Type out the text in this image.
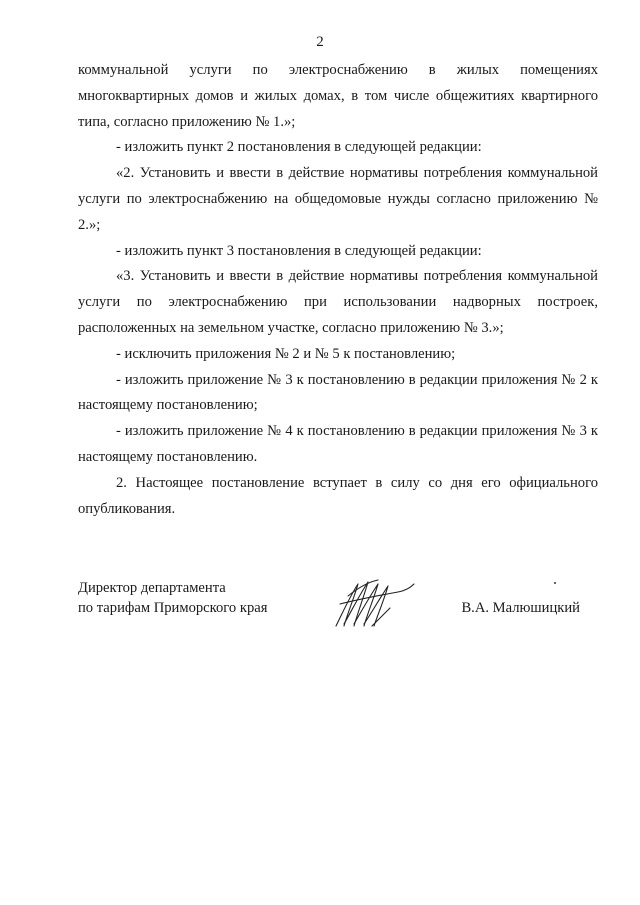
2

коммунальной услуги по электроснабжению в жилых помещениях многоквартирных домов и жилых домах, в том числе общежитиях квартирного типа, согласно приложению № 1.»;

- изложить пункт 2 постановления в следующей редакции:

«2. Установить и ввести в действие нормативы потребления коммунальной услуги по электроснабжению на общедомовые нужды согласно приложению № 2.»;

- изложить пункт 3 постановления в следующей редакции:

«3. Установить и ввести в действие нормативы потребления коммунальной услуги по электроснабжению при использовании надворных построек, расположенных на земельном участке, согласно приложению № 3.»;

- исключить приложения № 2 и № 5 к постановлению;

- изложить приложение № 3 к постановлению в редакции приложения № 2 к настоящему постановлению;

- изложить приложение № 4 к постановлению в редакции приложения № 3 к настоящему постановлению.

2. Настоящее постановление вступает в силу со дня его официального опубликования.

Директор департамента
по тарифам Приморского края	В.А. Малюшицкий
